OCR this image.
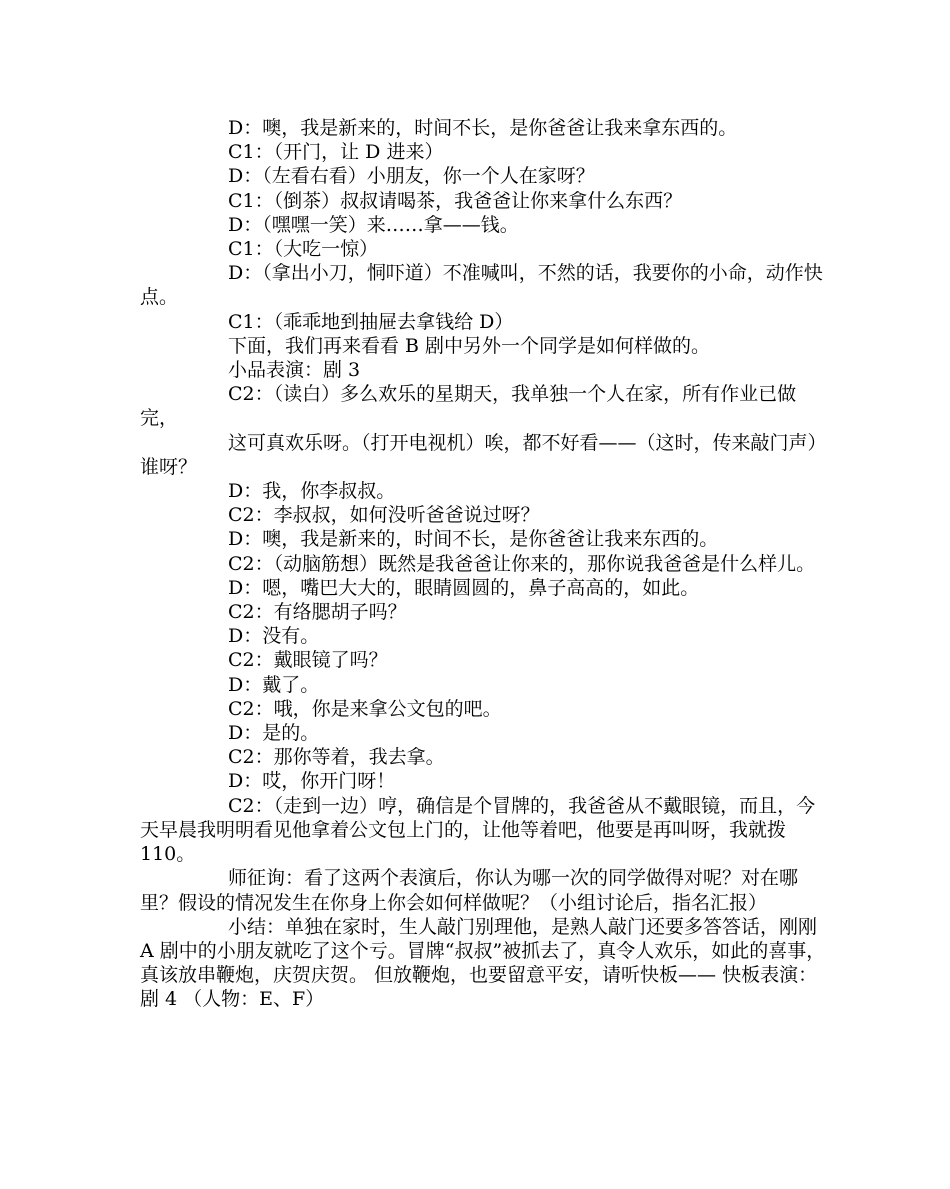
D：噢，我是新来的，时间不长，是你爸爸让我来拿东西的。

C1：（开门，让 D 进来）

D：（左看右看）小朋友，你一个人在家呀？

C1：（倒茶）叔叔请喝茶，我爸爸让你来拿什么东西？

D：（嘿嘿一笑）来……拿——钱。

C1：（大吃一惊）

D：（拿出小刀，恫吓道）不准喊叫，不然的话，我要你的小命，动作快点。

C1：（乖乖地到抽屉去拿钱给 D）

下面，我们再来看看 B 剧中另外一个同学是如何样做的。

小品表演：剧 3

C2：（读白）多么欢乐的星期天，我单独一个人在家，所有作业已做完，

这可真欢乐呀。（打开电视机）唉，都不好看——（这时，传来敲门声）谁呀？

D：我，你李叔叔。

C2：李叔叔，如何没听爸爸说过呀？

D：噢，我是新来的，时间不长，是你爸爸让我来东西的。

C2：（动脑筋想）既然是我爸爸让你来的，那你说我爸爸是什么样儿。

D：嗯，嘴巴大大的，眼睛圆圆的，鼻子高高的，如此。

C2：有络腮胡子吗？

D：没有。

C2：戴眼镜了吗？

D：戴了。

C2：哦，你是来拿公文包的吧。

D：是的。

C2：那你等着，我去拿。

D：哎，你开门呀！

C2：（走到一边）哼，确信是个冒牌的，我爸爸从不戴眼镜，而且，今天早晨我明明看见他拿着公文包上门的，让他等着吧，他要是再叫呀，我就拨 110。

师征询：看了这两个表演后，你认为哪一次的同学做得对呢？对在哪里？假设的情况发生在你身上你会如何样做呢？（小组讨论后，指名汇报）

小结：单独在家时，生人敲门别理他，是熟人敲门还要多答答话，刚刚 A 剧中的小朋友就吃了这个亏。冒牌“叔叔”被抓去了，真令人欢乐，如此的喜事，真该放串鞭炮，庆贺庆贺。 但放鞭炮，也要留意平安，请听快板—— 快板表演：剧 4 （人物：E、F）
